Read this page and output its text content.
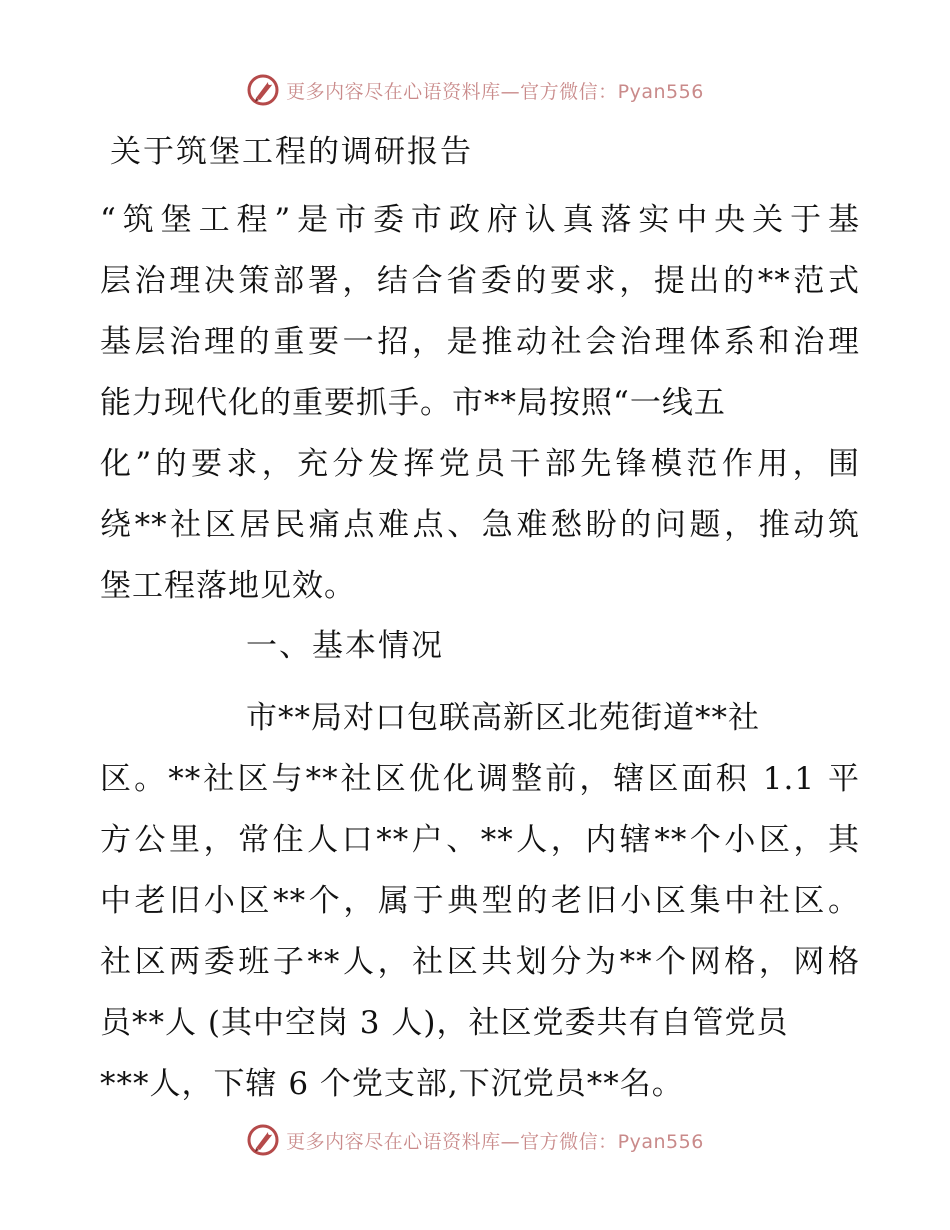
更多内容尽在心语资料库—官方微信：Pyan556
关于筑堡工程的调研报告
“筑堡工程”是市委市政府认真落实中央关于基
层治理决策部署，结合省委的要求，提出的**范式
基层治理的重要一招，是推动社会治理体系和治理
能力现代化的重要抓手。市**局按照“一线五
化”的要求，充分发挥党员干部先锋模范作用，围
绕**社区居民痛点难点、急难愁盼的问题，推动筑
堡工程落地见效。
一、基本情况
市**局对口包联高新区北苑街道**社
区。**社区与**社区优化调整前，辖区面积 1.1 平
方公里，常住人口**户、**人，内辖**个小区，其
中老旧小区**个，属于典型的老旧小区集中社区。
社区两委班子**人，社区共划分为**个网格，网格
员**人 (其中空岗 3 人)，社区党委共有自管党员
***人，下辖 6 个党支部,下沉党员**名。
更多内容尽在心语资料库—官方微信：Pyan556
